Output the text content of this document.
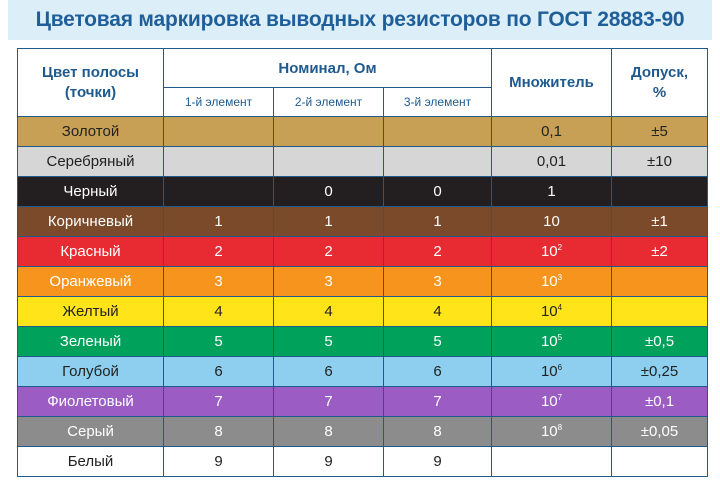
Цветовая маркировка выводных резисторов по ГОСТ 28883-90
Цвет полосы
(точки)	Номинал, Ом			Множитель	Допуск,
%

	1-й элемент	2-й элемент	3-й элемент		
Золотой				0,1	±5
Серебряный				0,01	±10
Черный		0	0	1	
Коричневый	1	1	1	10	±1
Красный	2	2	2	$10^2$	±2
Оранжевый	3	3	3	$10^3$	
Желтый	4	4	4	$10^4$	
Зеленый	5	5	5	$10^5$	±0,5
Голубой	6	6	6	$10^6$	±0,25
Фиолетовый	7	7	7	$10^7$	±0,1
Серый	8	8	8	$10^8$	±0,05
Белый	9	9	9		
